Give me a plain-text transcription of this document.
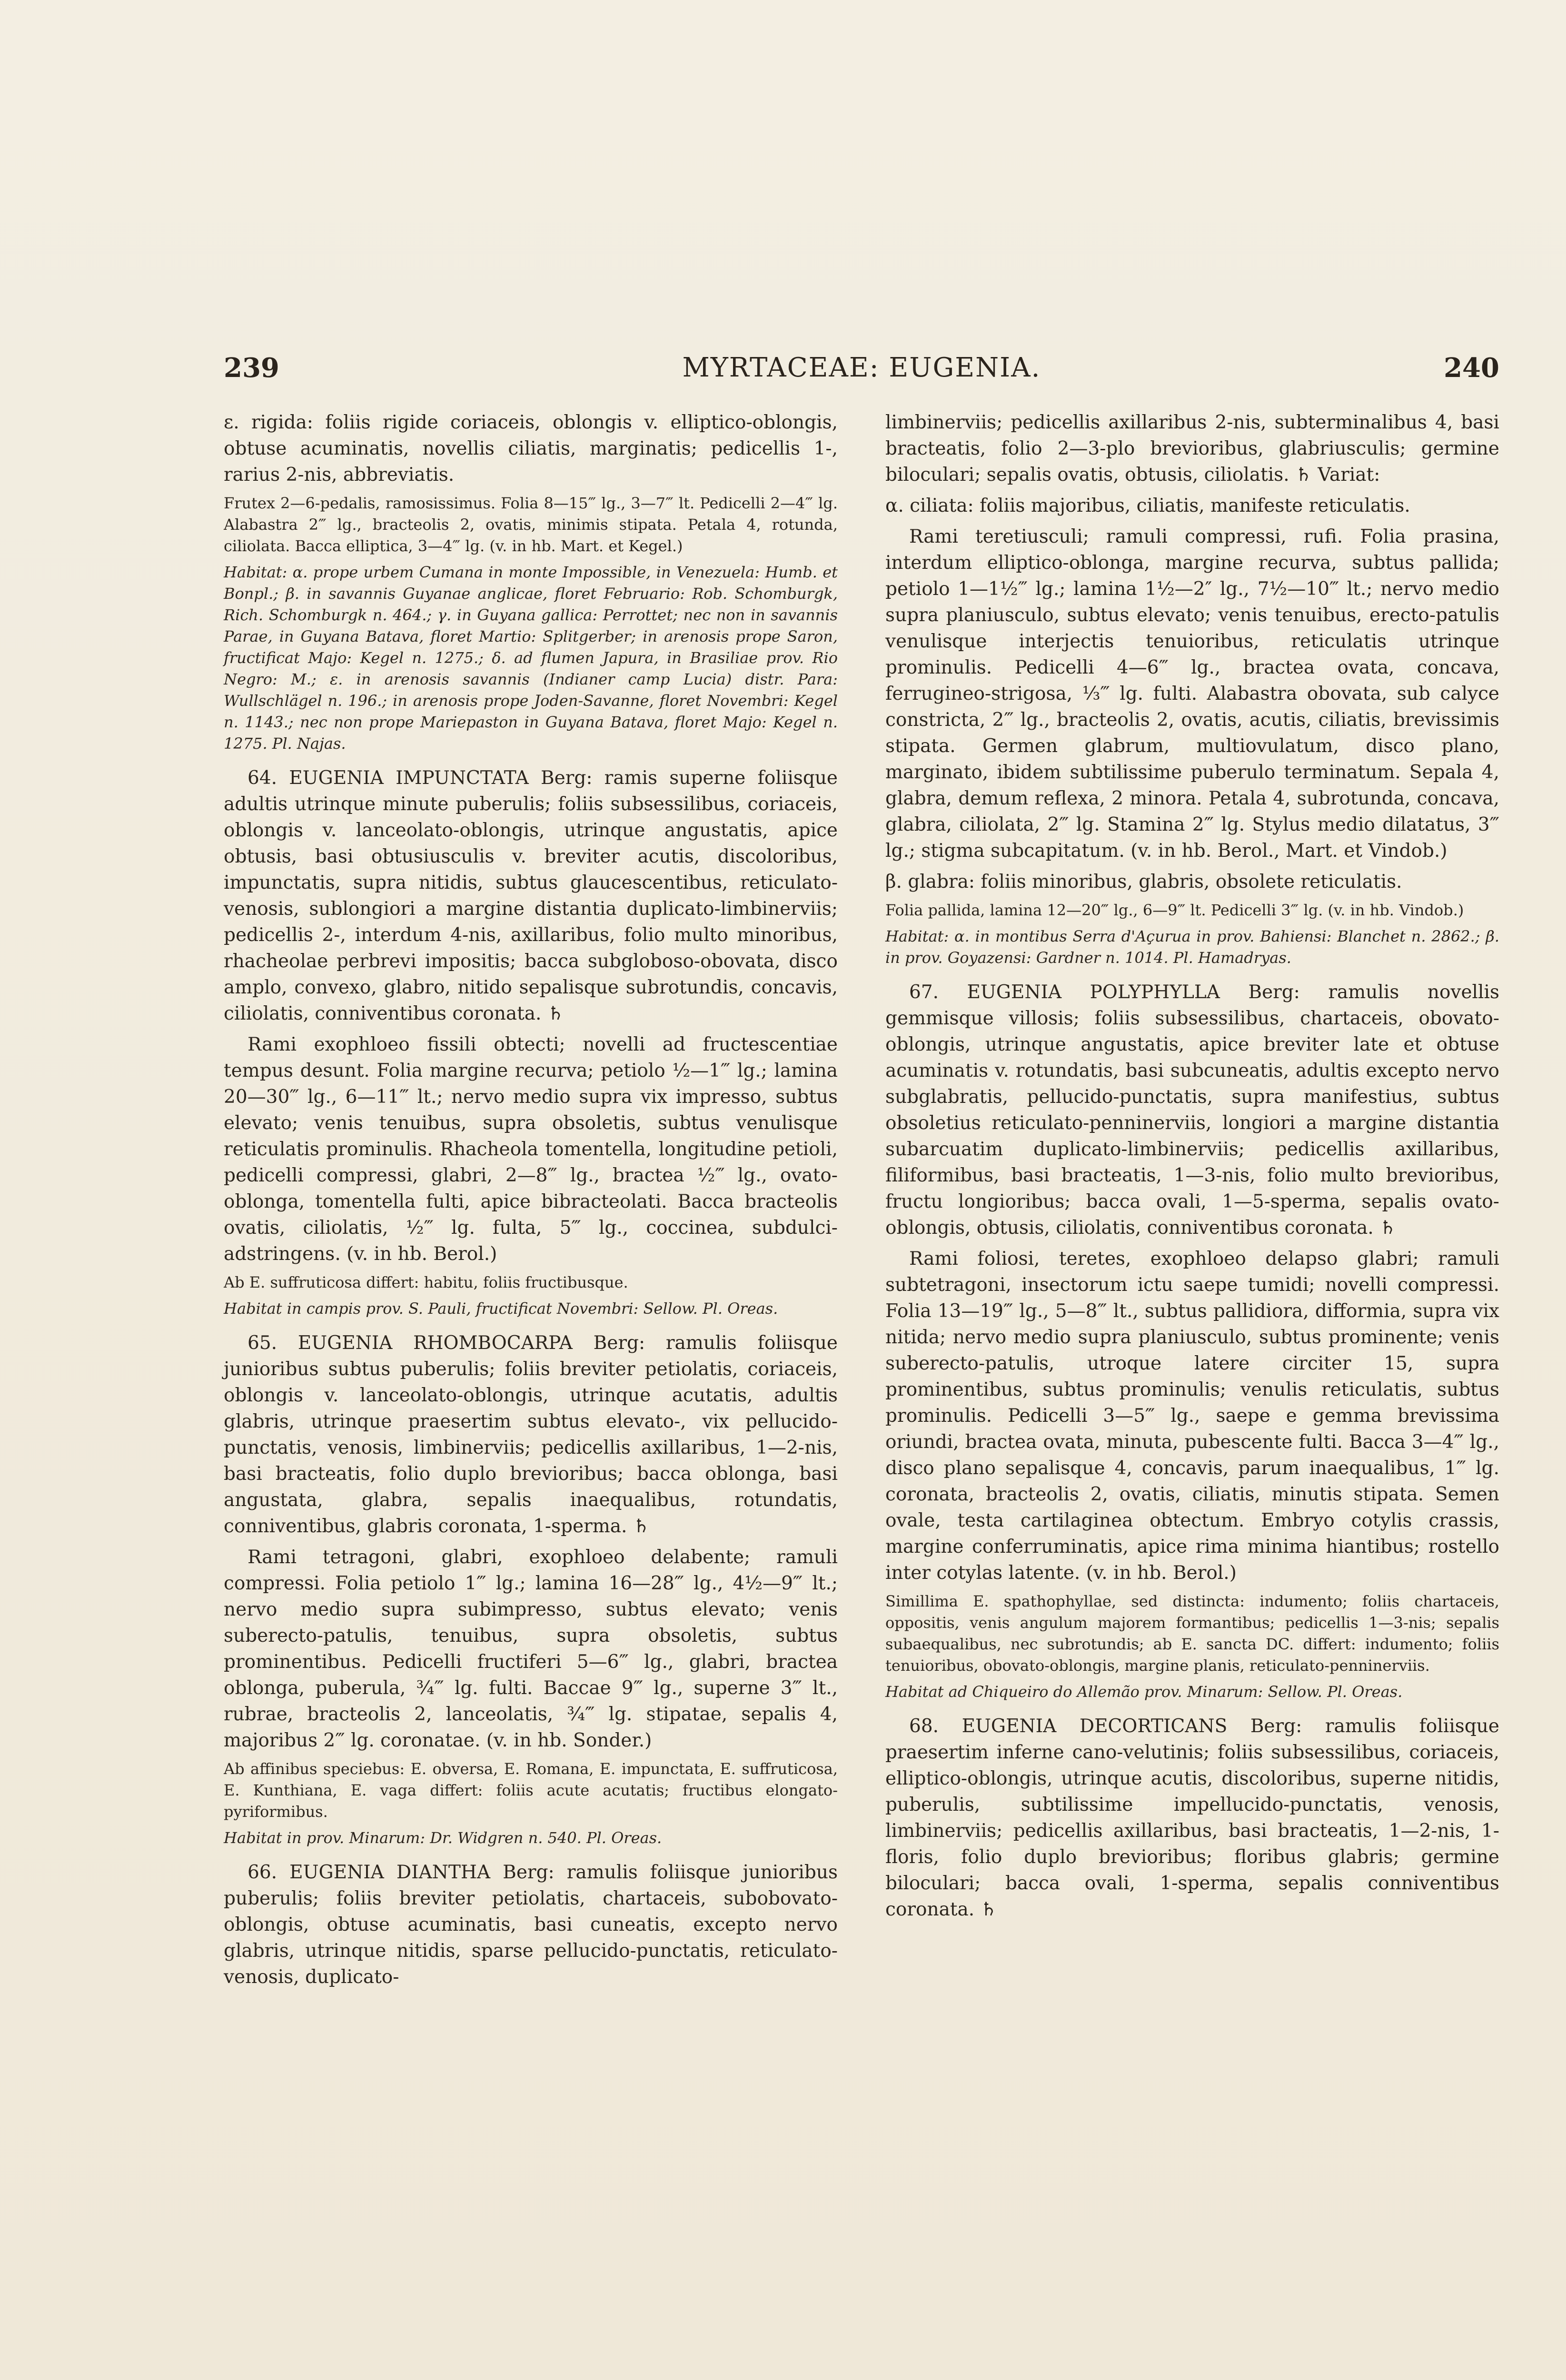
239	MYRTACEAE: EUGENIA.	240

ε. rigida: foliis rigide coriaceis, oblongis v. elliptico-oblongis, obtuse acuminatis, novellis ciliatis, marginatis; pedicellis 1-, rarius 2-nis, abbreviatis.

Frutex 2—6-pedalis, ramosissimus. Folia 8—15‴ lg., 3—7‴ lt. Pedicelli 2—4‴ lg. Alabastra 2‴ lg., bracteolis 2, ovatis, minimis stipata. Petala 4, rotunda, ciliolata. Bacca elliptica, 3—4‴ lg. (v. in hb. Mart. et Kegel.)

Habitat: α. prope urbem Cumana in monte Impossible, in Venezuela: Humb. et Bonpl.; β. in savannis Guyanae anglicae, floret Februario: Rob. Schomburgk, Rich. Schomburgk n. 464.; γ. in Guyana gallica: Perrottet; nec non in savannis Parae, in Guyana Batava, floret Martio: Splitgerber; in arenosis prope Saron, fructificat Majo: Kegel n. 1275.; δ. ad flumen Japura, in Brasiliae prov. Rio Negro: M.; ε. in arenosis savannis (Indianer camp Lucia) distr. Para: Wullschlägel n. 196.; in arenosis prope Joden-Savanne, floret Novembri: Kegel n. 1143.; nec non prope Mariepaston in Guyana Batava, floret Majo: Kegel n. 1275. Pl. Najas.

64. EUGENIA IMPUNCTATA Berg: ramis superne foliisque adultis utrinque minute puberulis; foliis subsessilibus, coriaceis, oblongis v. lanceolato-oblongis, utrinque angustatis, apice obtusis, basi obtusiusculis v. breviter acutis, discoloribus, impunctatis, supra nitidis, subtus glaucescentibus, reticulato-venosis, sublongiori a margine distantia duplicato-limbinerviis; pedicellis 2-, interdum 4-nis, axillaribus, folio multo minoribus, rhacheolae perbrevi impositis; bacca subgloboso-obovata, disco amplo, convexo, glabro, nitido sepalisque subrotundis, concavis, ciliolatis, conniventibus coronata. ♄

Rami exophloeo fissili obtecti; novelli ad fructescentiae tempus desunt. Folia margine recurva; petiolo ½—1‴ lg.; lamina 20—30‴ lg., 6—11‴ lt.; nervo medio supra vix impresso, subtus elevato; venis tenuibus, supra obsoletis, subtus venulisque reticulatis prominulis. Rhacheola tomentella, longitudine petioli, pedicelli compressi, glabri, 2—8‴ lg., bractea ½‴ lg., ovato-oblonga, tomentella fulti, apice bibracteolati. Bacca bracteolis ovatis, ciliolatis, ½‴ lg. fulta, 5‴ lg., coccinea, subdulci-adstringens. (v. in hb. Berol.)

Ab E. suffruticosa differt: habitu, foliis fructibusque.

Habitat in campis prov. S. Pauli, fructificat Novembri: Sellow. Pl. Oreas.

65. EUGENIA RHOMBOCARPA Berg: ramulis foliisque junioribus subtus puberulis; foliis breviter petiolatis, coriaceis, oblongis v. lanceolato-oblongis, utrinque acutatis, adultis glabris, utrinque praesertim subtus elevato-, vix pellucido-punctatis, venosis, limbinerviis; pedicellis axillaribus, 1—2-nis, basi bracteatis, folio duplo brevioribus; bacca oblonga, basi angustata, glabra, sepalis inaequalibus, rotundatis, conniventibus, glabris coronata, 1-sperma. ♄

Rami tetragoni, glabri, exophloeo delabente; ramuli compressi. Folia petiolo 1‴ lg.; lamina 16—28‴ lg., 4½—9‴ lt.; nervo medio supra subimpresso, subtus elevato; venis suberecto-patulis, tenuibus, supra obsoletis, subtus prominentibus. Pedicelli fructiferi 5—6‴ lg., glabri, bractea oblonga, puberula, ¾‴ lg. fulti. Baccae 9‴ lg., superne 3‴ lt., rubrae, bracteolis 2, lanceolatis, ¾‴ lg. stipatae, sepalis 4, majoribus 2‴ lg. coronatae. (v. in hb. Sonder.)

Ab affinibus speciebus: E. obversa, E. Romana, E. impunctata, E. suffruticosa, E. Kunthiana, E. vaga differt: foliis acute acutatis; fructibus elongato-pyriformibus.

Habitat in prov. Minarum: Dr. Widgren n. 540. Pl. Oreas.

66. EUGENIA DIANTHA Berg: ramulis foliisque junioribus puberulis; foliis breviter petiolatis, chartaceis, subobovato-oblongis, obtuse acuminatis, basi cuneatis, excepto nervo glabris, utrinque nitidis, sparse pellucido-punctatis, reticulato-venosis, duplicato-

limbinerviis; pedicellis axillaribus 2-nis, subterminalibus 4, basi bracteatis, folio 2—3-plo brevioribus, glabriusculis; germine biloculari; sepalis ovatis, obtusis, ciliolatis. ♄ Variat:

α. ciliata: foliis majoribus, ciliatis, manifeste reticulatis.

Rami teretiusculi; ramuli compressi, rufi. Folia prasina, interdum elliptico-oblonga, margine recurva, subtus pallida; petiolo 1—1½‴ lg.; lamina 1½—2″ lg., 7½—10‴ lt.; nervo medio supra planiusculo, subtus elevato; venis tenuibus, erecto-patulis venulisque interjectis tenuioribus, reticulatis utrinque prominulis. Pedicelli 4—6‴ lg., bractea ovata, concava, ferrugineo-strigosa, ⅓‴ lg. fulti. Alabastra obovata, sub calyce constricta, 2‴ lg., bracteolis 2, ovatis, acutis, ciliatis, brevissimis stipata. Germen glabrum, multiovulatum, disco plano, marginato, ibidem subtilissime puberulo terminatum. Sepala 4, glabra, demum reflexa, 2 minora. Petala 4, subrotunda, concava, glabra, ciliolata, 2‴ lg. Stamina 2‴ lg. Stylus medio dilatatus, 3‴ lg.; stigma subcapitatum. (v. in hb. Berol., Mart. et Vindob.)

β. glabra: foliis minoribus, glabris, obsolete reticulatis.

Folia pallida, lamina 12—20‴ lg., 6—9‴ lt. Pedicelli 3‴ lg. (v. in hb. Vindob.)

Habitat: α. in montibus Serra d'Açurua in prov. Bahiensi: Blanchet n. 2862.; β. in prov. Goyazensi: Gardner n. 1014. Pl. Hamadryas.

67. EUGENIA POLYPHYLLA Berg: ramulis novellis gemmisque villosis; foliis subsessilibus, chartaceis, obovato-oblongis, utrinque angustatis, apice breviter late et obtuse acuminatis v. rotundatis, basi subcuneatis, adultis excepto nervo subglabratis, pellucido-punctatis, supra manifestius, subtus obsoletius reticulato-penninerviis, longiori a margine distantia subarcuatim duplicato-limbinerviis; pedicellis axillaribus, filiformibus, basi bracteatis, 1—3-nis, folio multo brevioribus, fructu longioribus; bacca ovali, 1—5-sperma, sepalis ovato-oblongis, obtusis, ciliolatis, conniventibus coronata. ♄

Rami foliosi, teretes, exophloeo delapso glabri; ramuli subtetragoni, insectorum ictu saepe tumidi; novelli compressi. Folia 13—19‴ lg., 5—8‴ lt., subtus pallidiora, difformia, supra vix nitida; nervo medio supra planiusculo, subtus prominente; venis suberecto-patulis, utroque latere circiter 15, supra prominentibus, subtus prominulis; venulis reticulatis, subtus prominulis. Pedicelli 3—5‴ lg., saepe e gemma brevissima oriundi, bractea ovata, minuta, pubescente fulti. Bacca 3—4‴ lg., disco plano sepalisque 4, concavis, parum inaequalibus, 1‴ lg. coronata, bracteolis 2, ovatis, ciliatis, minutis stipata. Semen ovale, testa cartilaginea obtectum. Embryo cotylis crassis, margine conferruminatis, apice rima minima hiantibus; rostello inter cotylas latente. (v. in hb. Berol.)

Simillima E. spathophyllae, sed distincta: indumento; foliis chartaceis, oppositis, venis angulum majorem formantibus; pedicellis 1—3-nis; sepalis subaequalibus, nec subrotundis; ab E. sancta DC. differt: indumento; foliis tenuioribus, obovato-oblongis, margine planis, reticulato-penninerviis.

Habitat ad Chiqueiro do Allemão prov. Minarum: Sellow. Pl. Oreas.

68. EUGENIA DECORTICANS Berg: ramulis foliisque praesertim inferne cano-velutinis; foliis subsessilibus, coriaceis, elliptico-oblongis, utrinque acutis, discoloribus, superne nitidis, puberulis, subtilissime impellucido-punctatis, venosis, limbinerviis; pedicellis axillaribus, basi bracteatis, 1—2-nis, 1-floris, folio duplo brevioribus; floribus glabris; germine biloculari; bacca ovali, 1-sperma, sepalis conniventibus coronata. ♄
